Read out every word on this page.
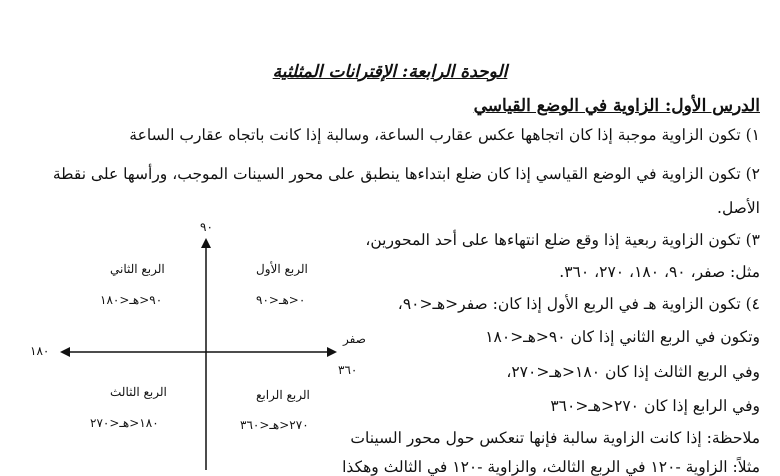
الوحدة الرابعة: الإقترانات المثلثية
الدرس الأول: الزاوية في الوضع القياسي
١) تكون الزاوية موجبة إذا كان اتجاهها عكس عقارب الساعة، وسالبة إذا كانت باتجاه عقارب الساعة
٢) تكون الزاوية في الوضع القياسي إذا كان ضلع ابتداءها ينطبق على محور السينات الموجب، ورأسها على نقطة
الأصل.
٣) تكون الزاوية ربعية إذا وقع ضلع انتهاءها على أحد المحورين،
مثل: صفر، ٩٠، ١٨٠، ٢٧٠، ٣٦٠.
٤) تكون الزاوية هـ في الربع الأول إذا كان: صفر<هـ<٩٠،
وتكون في الربع الثاني إذا كان ٩٠<هـ<١٨٠
وفي الربع الثالث إذا كان ١٨٠<هـ<٢٧٠،
وفي الرابع إذا كان ٢٧٠<هـ<٣٦٠
ملاحظة: إذا كانت الزاوية سالبة فإنها تنعكس حول محور السينات
مثلاً: الزاوية -١٢٠ في الربع الثالث، والزاوية -١٢٠ في الثالث وهكذا
٩٠
١٨٠
صفر
٣٦٠
الربع الأول
٠<هـ<٩٠
الربع الثاني
٩٠<هـ<١٨٠
الربع الثالث
١٨٠<هـ<٢٧٠
الربع الرابع
٢٧٠<هـ<٣٦٠
